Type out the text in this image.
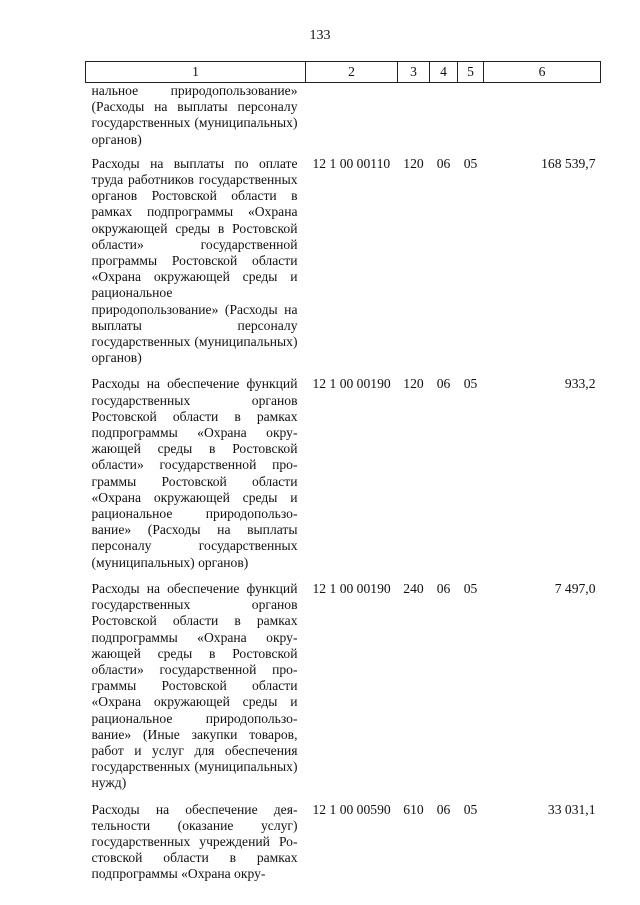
133
1	2	3	4	5	6
нальное природопользование» (Расходы на выплаты персоналу государственных (муниципальных) органов)					
Расходы на выплаты по оплате труда работников государственных органов Ростовской области в рамках подпрограммы «Охрана окружающей среды в Ростовской области» государственной программы Ростовской области «Охрана окружающей среды и рациональное природопользование» (Расходы на выплаты персоналу государственных (муниципальных) органов)	12 1 00 00110	120	06	05	168 539,7
Расходы на обеспечение функций государственных органов Ростовской области в рамках подпрограммы «Охрана окружающей среды в Ростовской области» государственной программы Ростовской области «Охрана окружающей среды и рациональное природопользование» (Расходы на выплаты персоналу государственных (муниципальных) органов)	12 1 00 00190	120	06	05	933,2
Расходы на обеспечение функций государственных органов Ростовской области в рамках подпрограммы «Охрана окружающей среды в Ростовской области» государственной программы Ростовской области «Охрана окружающей среды и рациональное природопользование» (Иные закупки товаров, работ и услуг для обеспечения государственных (муниципальных) нужд)	12 1 00 00190	240	06	05	7 497,0
Расходы на обеспечение деятельности (оказание услуг) государственных учреждений Ростовской области в рамках подпрограммы «Охрана окру-	12 1 00 00590	610	06	05	33 031,1
